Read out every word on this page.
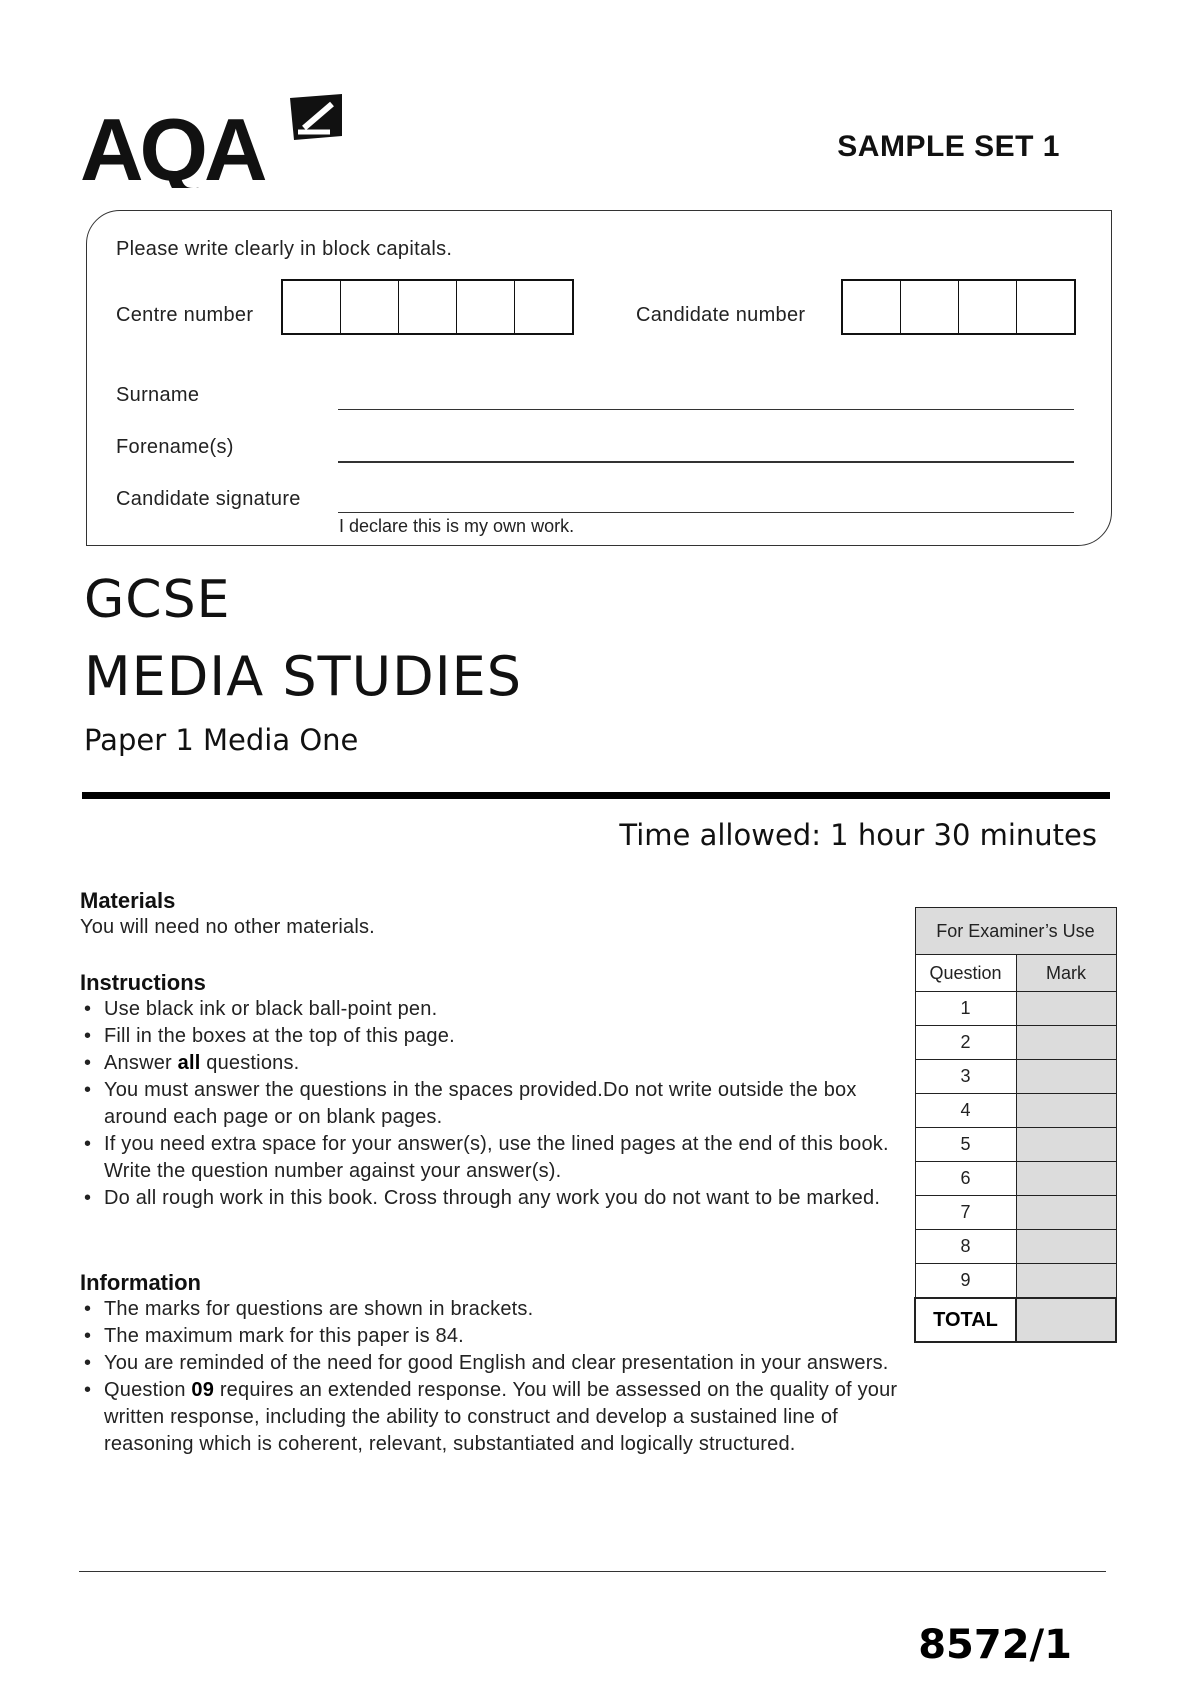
AQA	SAMPLE SET 1
Please write clearly in block capitals.
Centre number	Candidate number
Surname
Forename(s)
Candidate signature
I declare this is my own work.
GCSE
MEDIA STUDIES
Paper 1 Media One
Time allowed: 1 hour 30 minutes
Materials
You will need no other materials.
Instructions
• Use black ink or black ball-point pen.
• Fill in the boxes at the top of this page.
• Answer all questions.
• You must answer the questions in the spaces provided.Do not write outside the box around each page or on blank pages.
• If you need extra space for your answer(s), use the lined pages at the end of this book. Write the question number against your answer(s).
• Do all rough work in this book. Cross through any work you do not want to be marked.
Information
• The marks for questions are shown in brackets.
• The maximum mark for this paper is 84.
• You are reminded of the need for good English and clear presentation in your answers.
• Question 09 requires an extended response. You will be assessed on the quality of your written response, including the ability to construct and develop a sustained line of reasoning which is coherent, relevant, substantiated and logically structured.
For Examiner’s Use	
Question	Mark
1	
2	
3	
4	
5	
6	
7	
8	
9	
TOTAL	
8572/1
